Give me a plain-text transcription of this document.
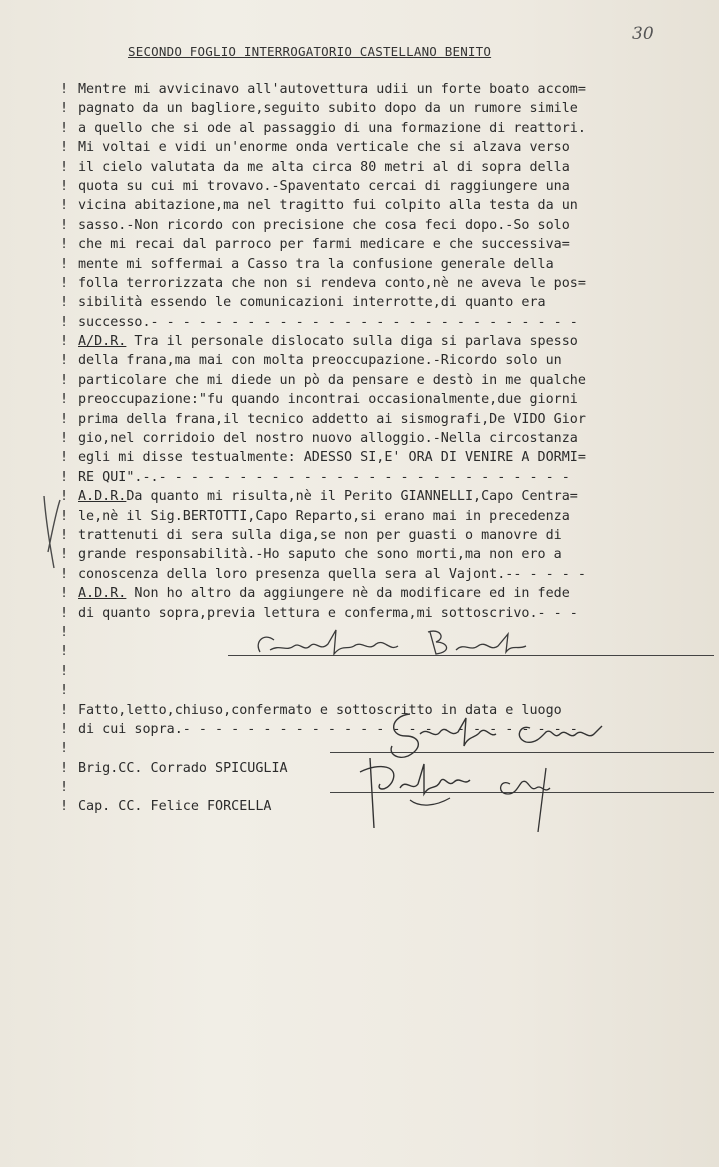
30
SECONDO FOGLIO INTERROGATORIO CASTELLANO BENITO
! Mentre mi avvicinavo all'autovettura udii un forte boato accom=
! pagnato da un bagliore,seguito subito dopo da un rumore simile
! a quello che si ode al passaggio di una formazione di reattori.
! Mi voltai e vidi un'enorme onda verticale che si alzava verso
! il cielo valutata da me alta circa 80 metri al di sopra della
! quota su cui mi trovavo.-Spaventato cercai di raggiungere una
! vicina abitazione,ma nel tragitto fui colpito alla testa da un
! sasso.-Non ricordo con precisione che cosa feci dopo.-So solo
! che mi recai dal parroco per farmi medicare e che successiva=
! mente mi soffermai a Casso tra la confusione generale della
! folla terrorizzata che non si rendeva conto,nè ne aveva le pos=
! sibilità essendo le comunicazioni interrotte,di quanto era
! successo.- - - - - - - - - - - - - - - - - - - - - - - - - - -
! A/D.R. Tra il personale dislocato sulla diga si parlava spesso
! della frana,ma mai con molta preoccupazione.-Ricordo solo un
! particolare che mi diede un pò da pensare e destò in me qualche
! preoccupazione:"fu quando incontrai occasionalmente,due giorni
! prima della frana,il tecnico addetto ai sismografi,De VIDO Gior
! gio,nel corridoio del nostro nuovo alloggio.-Nella circostanza
! egli mi disse testualmente: ADESSO SI,E' ORA DI VENIRE A DORMI=
! RE QUI".-.- - - - - - - - - - - - - - - - - - - - - - - - - -
! A.D.R.Da quanto mi risulta,nè il Perito GIANNELLI,Capo Centra=
! le,nè il Sig.BERTOTTI,Capo Reparto,si erano mai in precedenza
! trattenuti di sera sulla diga,se non per guasti o manovre di
! grande responsabilità.-Ho saputo che sono morti,ma non ero a
! conoscenza della loro presenza quella sera al Vajont.-- - - - -
! A.D.R. Non ho altro da aggiungere nè da modificare ed in fede
! di quanto sopra,previa lettura e conferma,mi sottoscrivo.- - -
!
!
!
!
! Fatto,letto,chiuso,confermato e sottoscritto in data e luogo
! di cui sopra.- - - - - - - - - - - - - - - - - - - - - - - - -
!
! Brig.CC. Corrado SPICUGLIA
!
! Cap. CC. Felice FORCELLA
